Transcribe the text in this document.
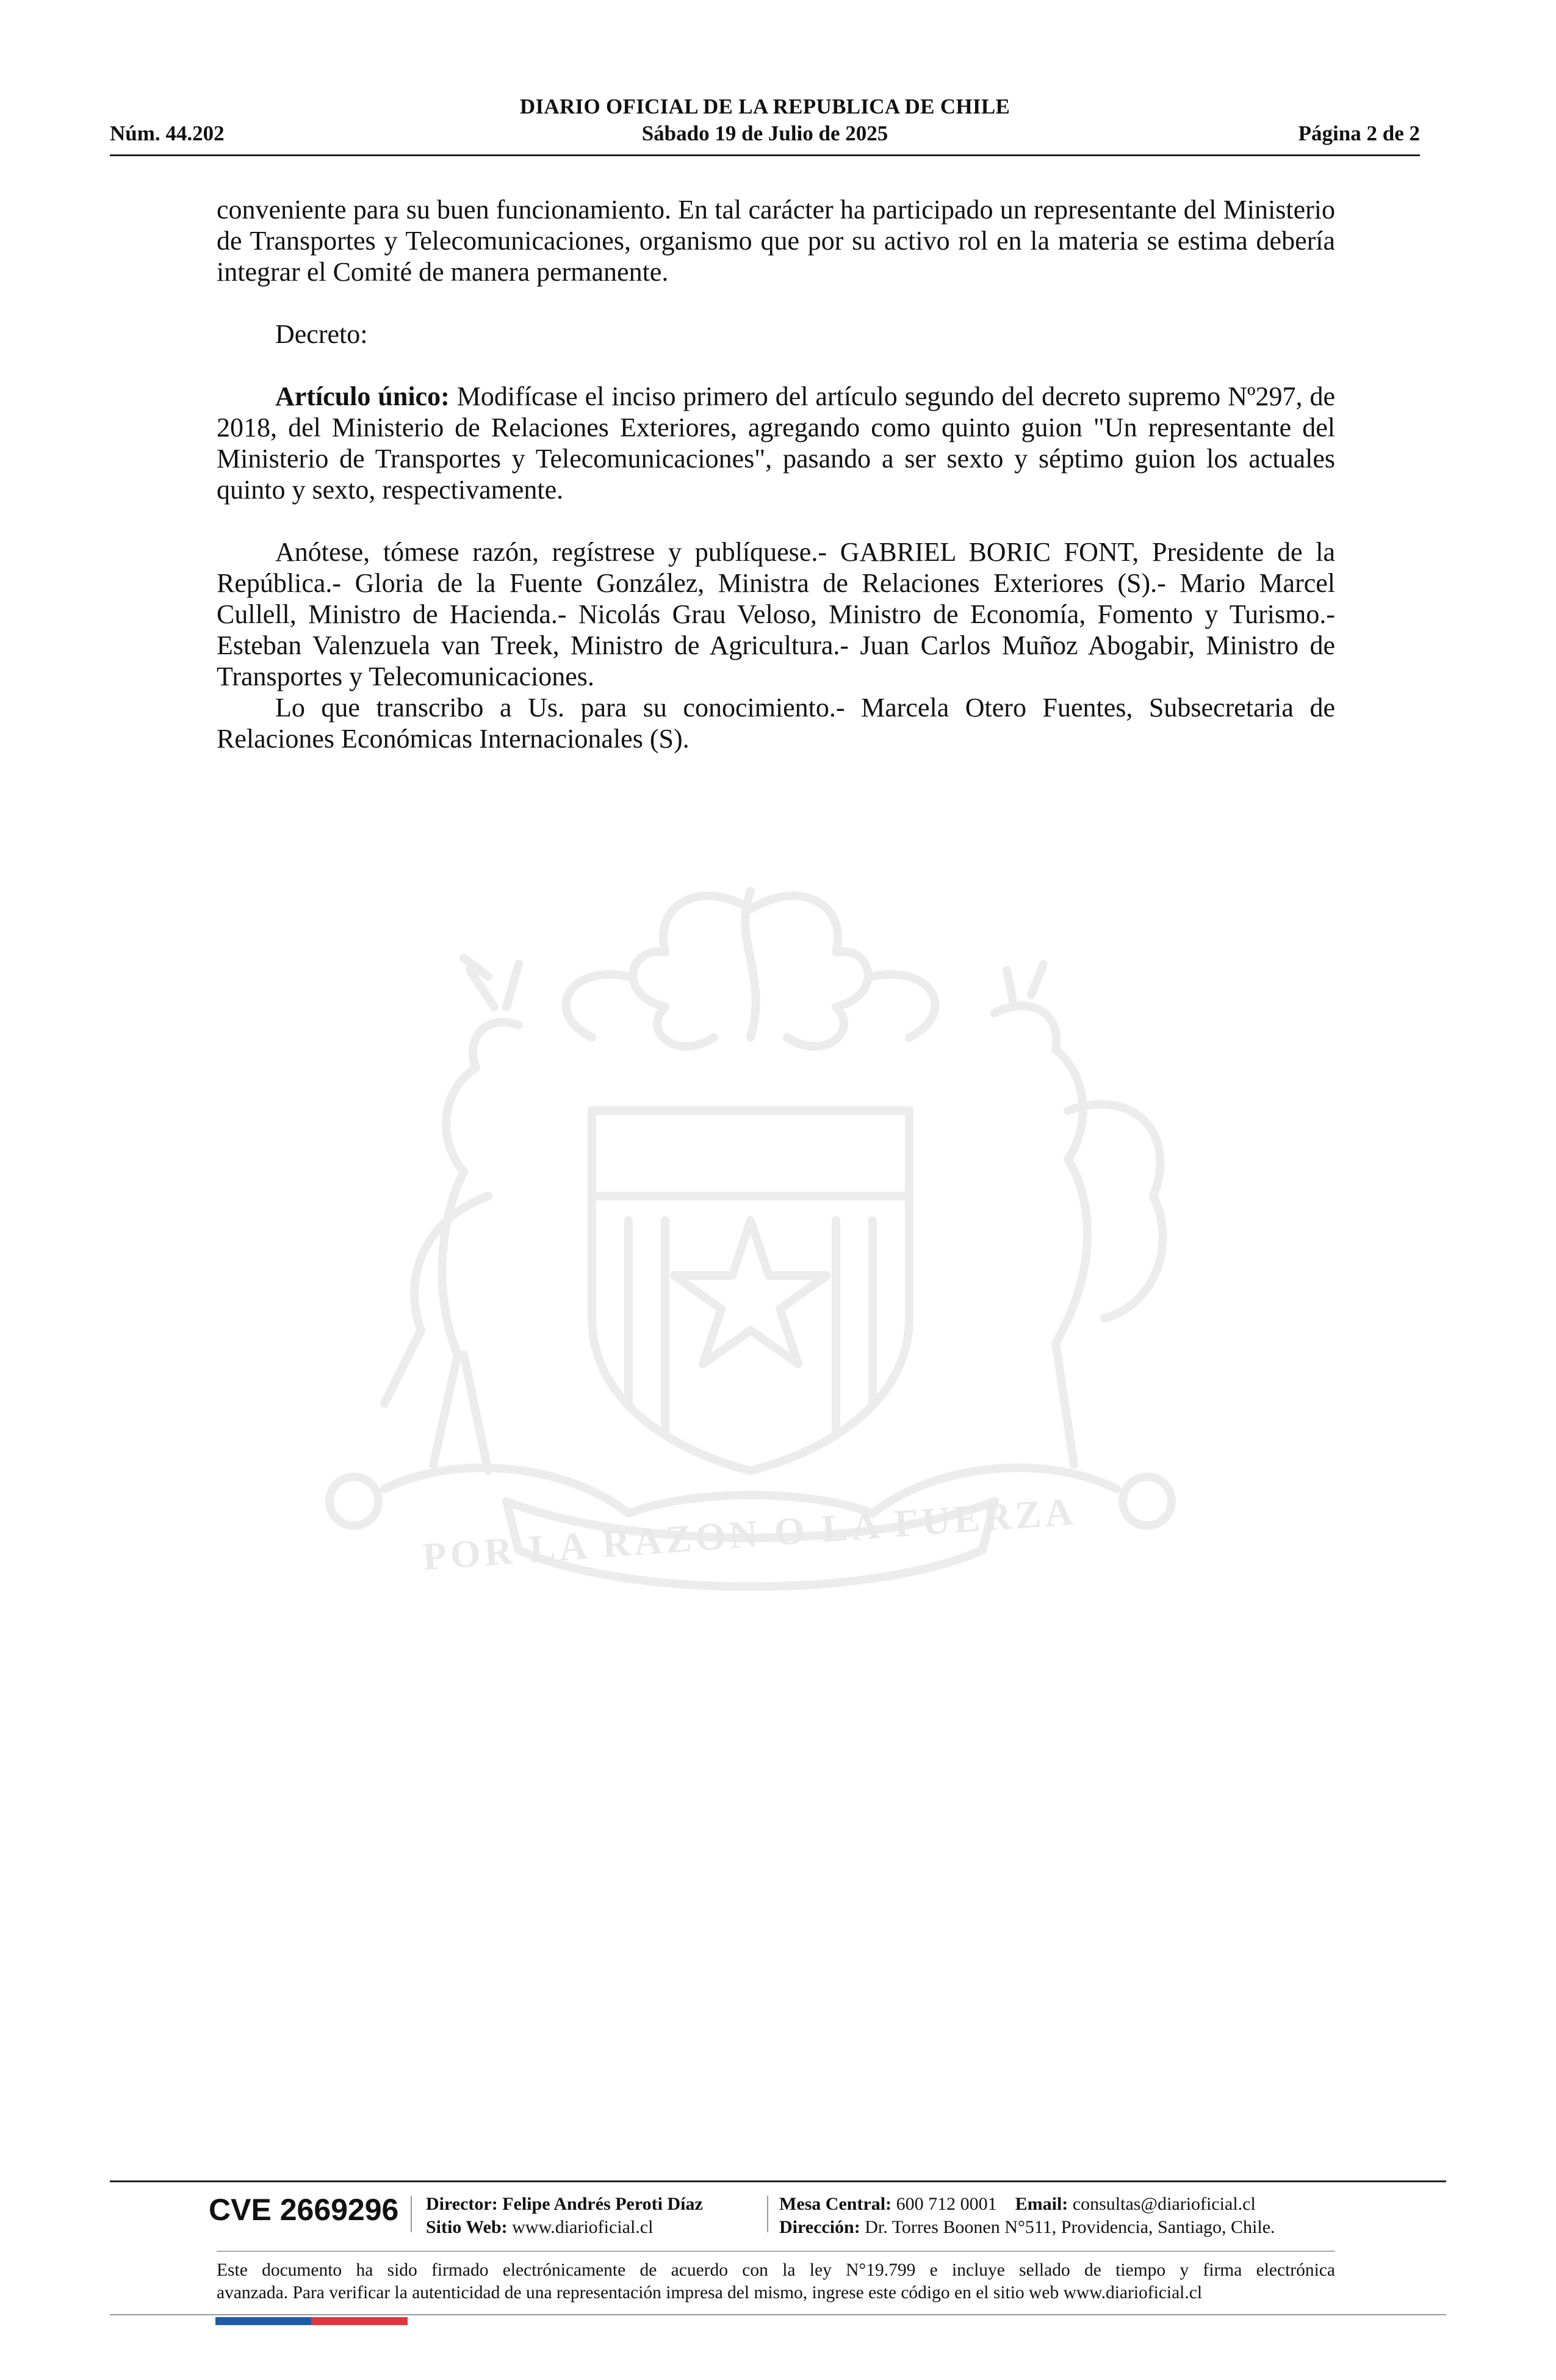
DIARIO OFICIAL DE LA REPUBLICA DE CHILE
Núm. 44.202	Sábado 19 de Julio de 2025	Página 2 de 2
POR LA RAZON O LA FUERZA

conveniente para su buen funcionamiento. En tal carácter ha participado un representante del Ministerio de Transportes y Telecomunicaciones, organismo que por su activo rol en la materia se estima debería integrar el Comité de manera permanente.

Decreto:

Artículo único: Modifícase el inciso primero del artículo segundo del decreto supremo Nº297, de 2018, del Ministerio de Relaciones Exteriores, agregando como quinto guion "Un representante del Ministerio de Transportes y Telecomunicaciones", pasando a ser sexto y séptimo guion los actuales quinto y sexto, respectivamente.

Anótese, tómese razón, regístrese y publíquese.- GABRIEL BORIC FONT, Presidente de la República.- Gloria de la Fuente González, Ministra de Relaciones Exteriores (S).- Mario Marcel Cullell, Ministro de Hacienda.- Nicolás Grau Veloso, Ministro de Economía, Fomento y Turismo.- Esteban Valenzuela van Treek, Ministro de Agricultura.- Juan Carlos Muñoz Abogabir, Ministro de Transportes y Telecomunicaciones.

Lo que transcribo a Us. para su conocimiento.- Marcela Otero Fuentes, Subsecretaria de Relaciones Económicas Internacionales (S).

CVE 2669296 Director: Felipe Andrés Peroti Díaz
Sitio Web: www.diarioficial.cl
Mesa Central: 600 712 0001 Email: consultas@diarioficial.cl
Dirección: Dr. Torres Boonen N°511, Providencia, Santiago, Chile.
Este documento ha sido firmado electrónicamente de acuerdo con la ley N°19.799 e incluye sellado de tiempo y firma electrónica
avanzada. Para verificar la autenticidad de una representación impresa del mismo, ingrese este código en el sitio web www.diarioficial.cl
